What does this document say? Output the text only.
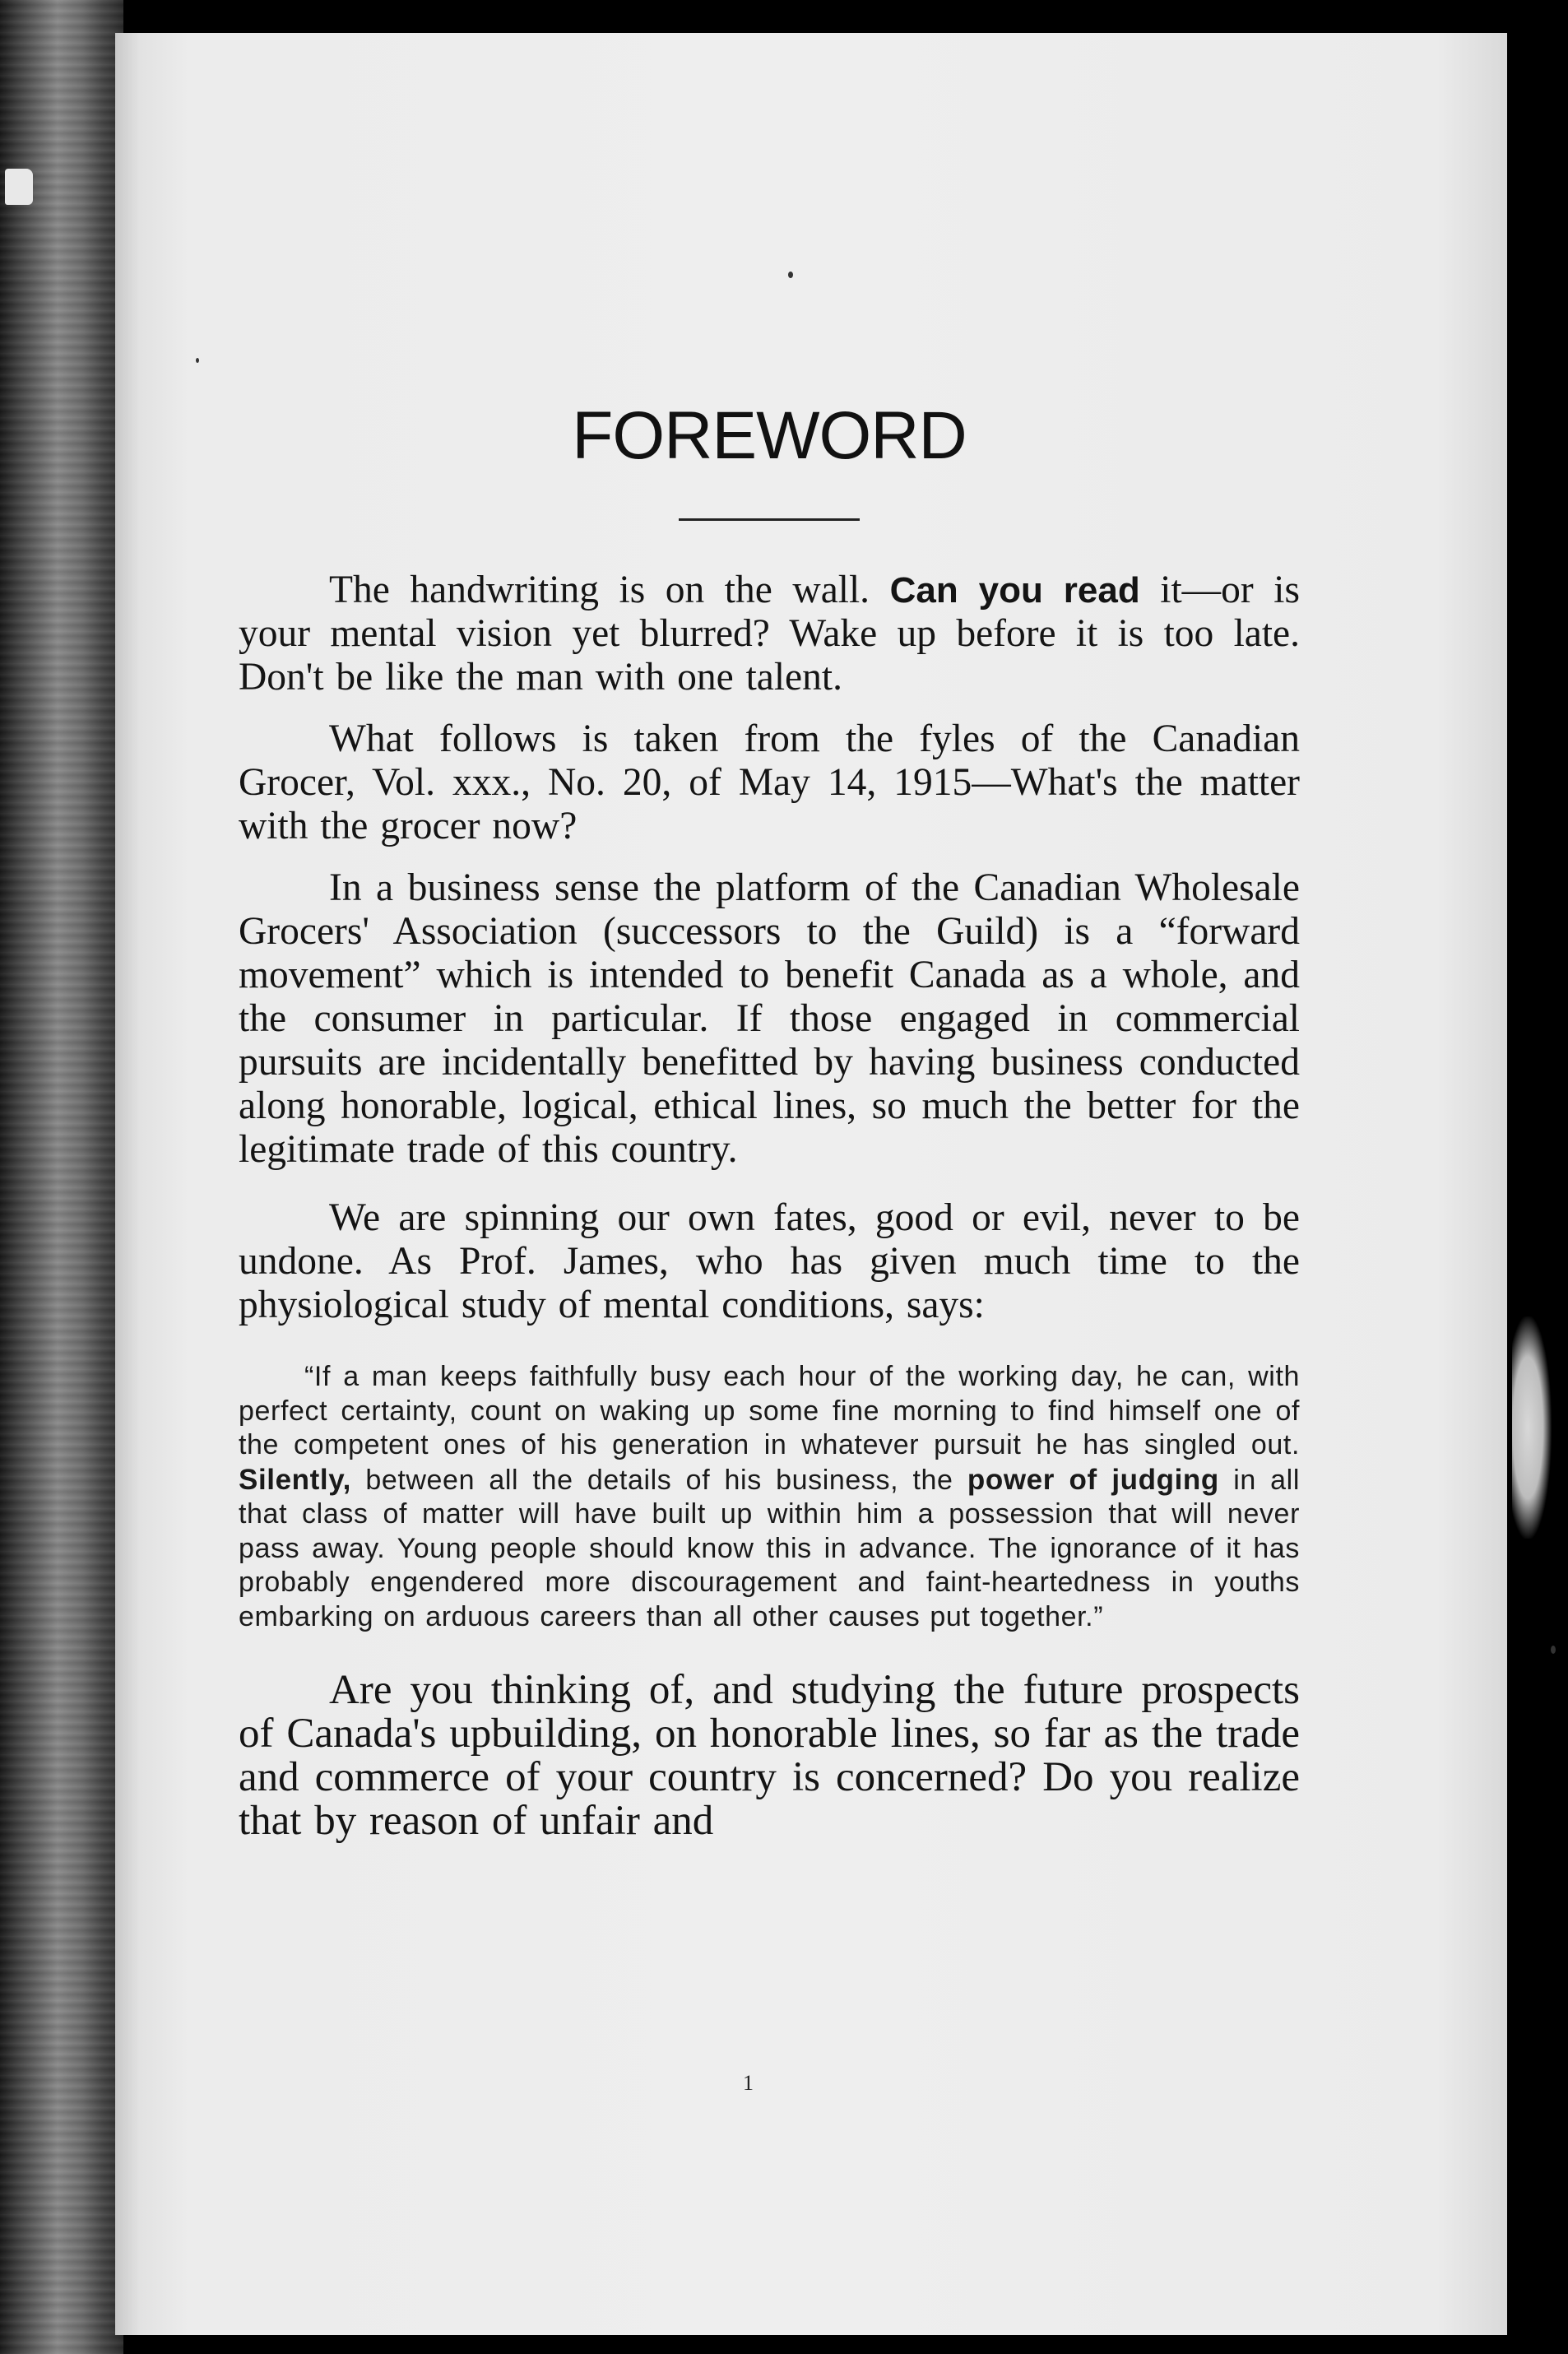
FOREWORD

The handwriting is on the wall. Can you read it—or is your mental vision yet blurred? Wake up before it is too late. Don't be like the man with one talent.

What follows is taken from the fyles of the Canadian Grocer, Vol. xxx., No. 20, of May 14, 1915—What's the matter with the grocer now?

In a business sense the platform of the Canadian Wholesale Grocers' Association (successors to the Guild) is a “forward movement” which is intended to benefit Canada as a whole, and the consumer in particular. If those engaged in commercial pursuits are incidentally benefitted by having business conducted along honorable, logical, ethical lines, so much the better for the legitimate trade of this country.

We are spinning our own fates, good or evil, never to be undone. As Prof. James, who has given much time to the physiological study of mental conditions, says:

“If a man keeps faithfully busy each hour of the working day, he can, with perfect certainty, count on waking up some fine morning to find himself one of the competent ones of his generation in whatever pursuit he has singled out. Silently, between all the details of his business, the power of judging in all that class of matter will have built up within him a possession that will never pass away. Young people should know this in advance. The ignorance of it has probably engendered more discouragement and faint-heartedness in youths embarking on arduous careers than all other causes put together.”

Are you thinking of, and studying the future prospects of Canada's upbuilding, on honorable lines, so far as the trade and commerce of your country is concerned? Do you realize that by reason of unfair and

1
